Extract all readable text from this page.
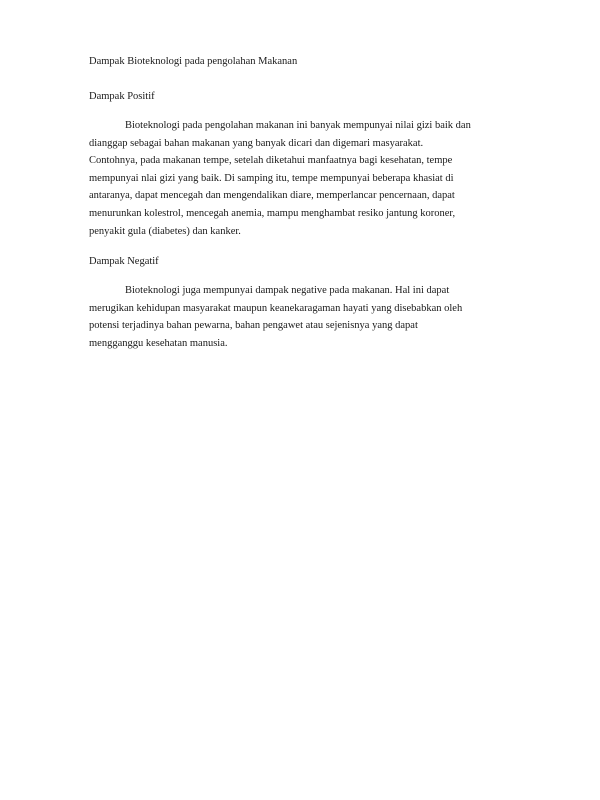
Dampak Bioteknologi pada pengolahan Makanan

Dampak Positif

Bioteknologi pada pengolahan makanan ini banyak mempunyai nilai gizi baik dan
dianggap sebagai bahan makanan yang banyak dicari dan digemari masyarakat.
Contohnya, pada makanan tempe, setelah diketahui manfaatnya bagi kesehatan, tempe
mempunyai nlai gizi yang baik. Di samping itu, tempe mempunyai beberapa khasiat di
antaranya, dapat mencegah dan mengendalikan diare, memperlancar pencernaan, dapat
menurunkan kolestrol, mencegah anemia, mampu menghambat resiko jantung koroner,
penyakit gula (diabetes) dan kanker.

Dampak Negatif

Bioteknologi juga mempunyai dampak negative pada makanan. Hal ini dapat
merugikan kehidupan masyarakat maupun keanekaragaman hayati yang disebabkan oleh
potensi terjadinya bahan pewarna, bahan pengawet atau sejenisnya yang dapat
mengganggu kesehatan manusia.
